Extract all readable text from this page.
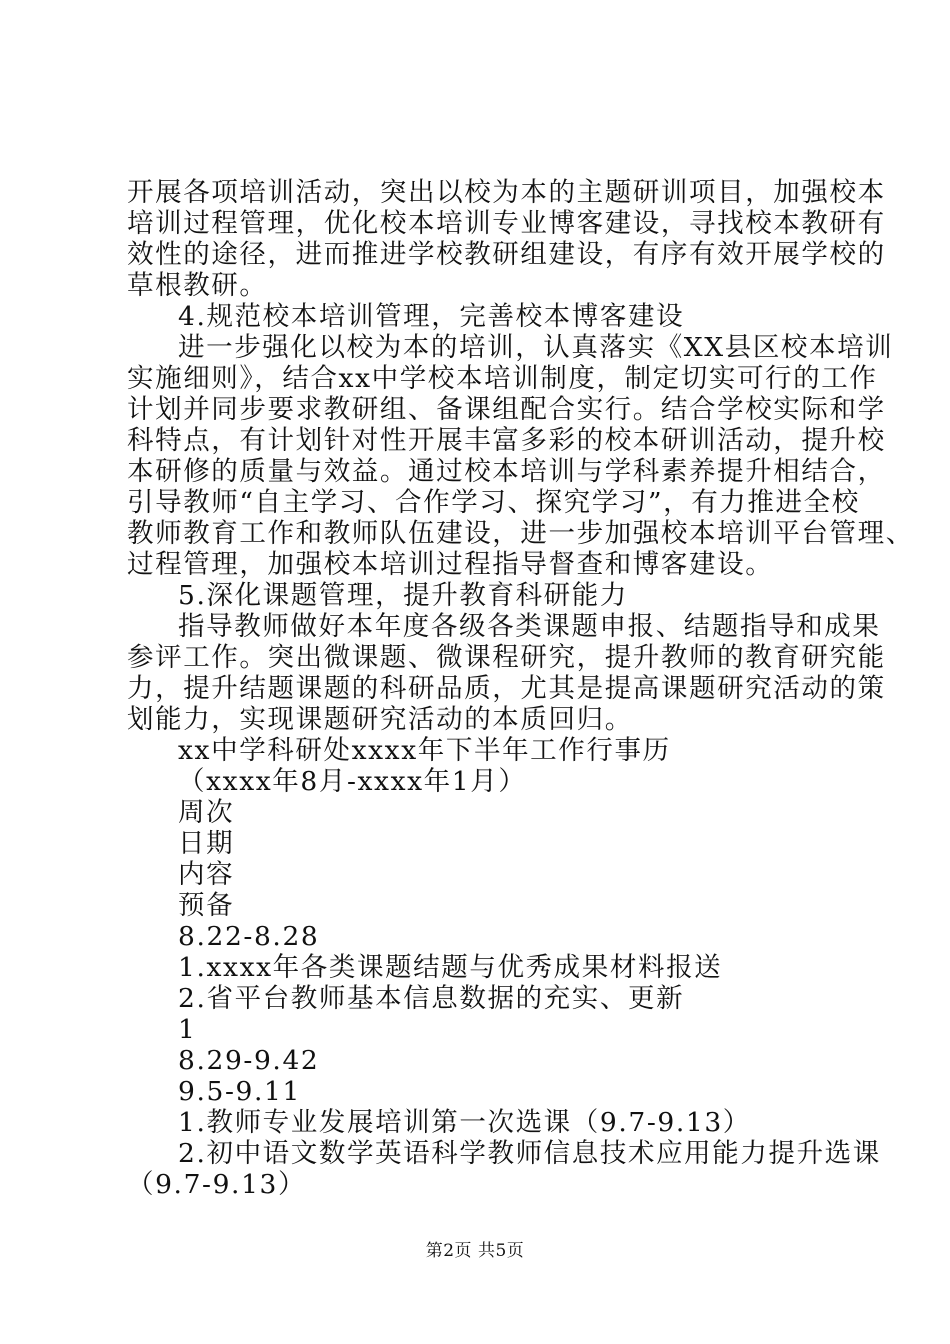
开展各项培训活动，突出以校为本的主题研训项目，加强校本
培训过程管理，优化校本培训专业博客建设，寻找校本教研有
效性的途径，进而推进学校教研组建设，有序有效开展学校的
草根教研。
4.规范校本培训管理，完善校本博客建设
进一步强化以校为本的培训，认真落实《XX县区校本培训
实施细则》，结合xx中学校本培训制度，制定切实可行的工作
计划并同步要求教研组、备课组配合实行。结合学校实际和学
科特点，有计划针对性开展丰富多彩的校本研训活动，提升校
本研修的质量与效益。通过校本培训与学科素养提升相结合，
引导教师“自主学习、合作学习、探究学习”，有力推进全校
教师教育工作和教师队伍建设，进一步加强校本培训平台管理、
过程管理，加强校本培训过程指导督查和博客建设。
5.深化课题管理，提升教育科研能力
指导教师做好本年度各级各类课题申报、结题指导和成果
参评工作。突出微课题、微课程研究，提升教师的教育研究能
力，提升结题课题的科研品质，尤其是提高课题研究活动的策
划能力，实现课题研究活动的本质回归。
xx中学科研处xxxx年下半年工作行事历
（xxxx年8月-xxxx年1月）
周次
日期
内容
预备
8.22-8.28
1.xxxx年各类课题结题与优秀成果材料报送
2.省平台教师基本信息数据的充实、更新
1
8.29-9.42
9.5-9.11
1.教师专业发展培训第一次选课（9.7-9.13）
2.初中语文数学英语科学教师信息技术应用能力提升选课
（9.7-9.13）
第2页 共5页
